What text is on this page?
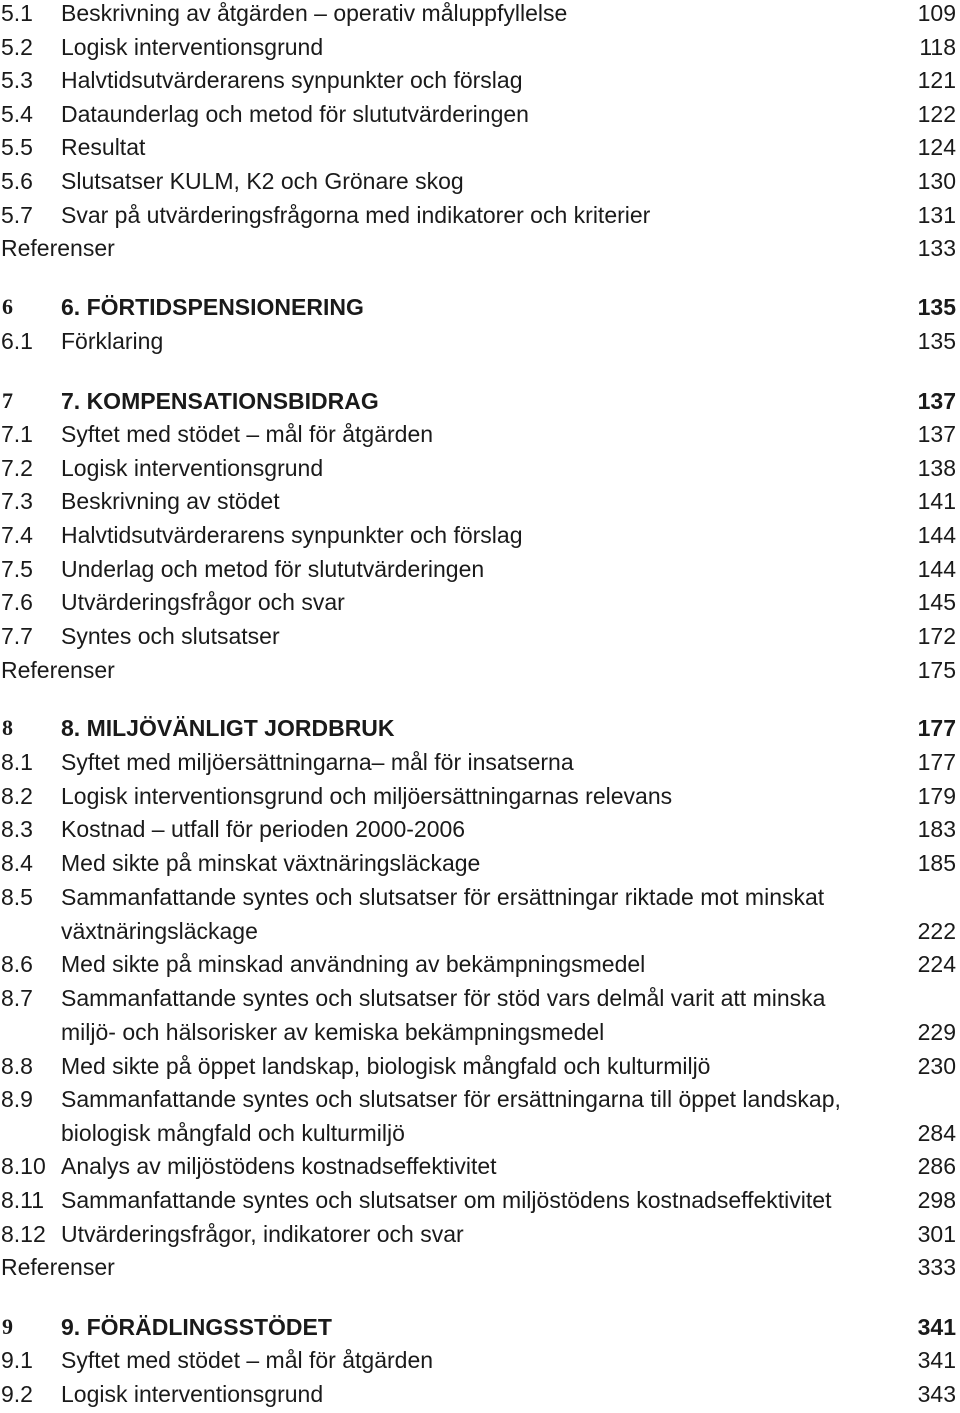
5.1 Beskrivning av åtgärden – operativ måluppfyllelse	109
5.2 Logisk interventionsgrund	118
5.3 Halvtidsutvärderarens synpunkter och förslag	121
5.4 Dataunderlag och metod för slututvärderingen	122
5.5 Resultat	124
5.6 Slutsatser KULM, K2 och Grönare skog	130
5.7 Svar på utvärderingsfrågorna med indikatorer och kriterier	131
Referenser	133
6 6. FÖRTIDSPENSIONERING	135
6.1 Förklaring	135
7 7. KOMPENSATIONSBIDRAG	137
7.1 Syftet med stödet – mål för åtgärden	137
7.2 Logisk interventionsgrund	138
7.3 Beskrivning av stödet	141
7.4 Halvtidsutvärderarens synpunkter och förslag	144
7.5 Underlag och metod för slututvärderingen	144
7.6 Utvärderingsfrågor och svar	145
7.7 Syntes och slutsatser	172
Referenser	175
8 8. MILJÖVÄNLIGT JORDBRUK	177
8.1 Syftet med miljöersättningarna– mål för insatserna	177
8.2 Logisk interventionsgrund och miljöersättningarnas relevans	179
8.3 Kostnad – utfall för perioden 2000-2006	183
8.4 Med sikte på minskat växtnäringsläckage	185
8.5 Sammanfattande syntes och slutsatser för ersättningar riktade mot minskat
växtnäringsläckage	222
8.6 Med sikte på minskad användning av bekämpningsmedel	224
8.7 Sammanfattande syntes och slutsatser för stöd vars delmål varit att minska
miljö- och hälsorisker av kemiska bekämpningsmedel	229
8.8 Med sikte på öppet landskap, biologisk mångfald och kulturmiljö	230
8.9 Sammanfattande syntes och slutsatser för ersättningarna till öppet landskap,
biologisk mångfald och kulturmiljö	284
8.10 Analys av miljöstödens kostnadseffektivitet	286
8.11 Sammanfattande syntes och slutsatser om miljöstödens kostnadseffektivitet	298
8.12 Utvärderingsfrågor, indikatorer och svar	301
Referenser	333
9 9. FÖRÄDLINGSSTÖDET	341
9.1 Syftet med stödet – mål för åtgärden	341
9.2 Logisk interventionsgrund	343
